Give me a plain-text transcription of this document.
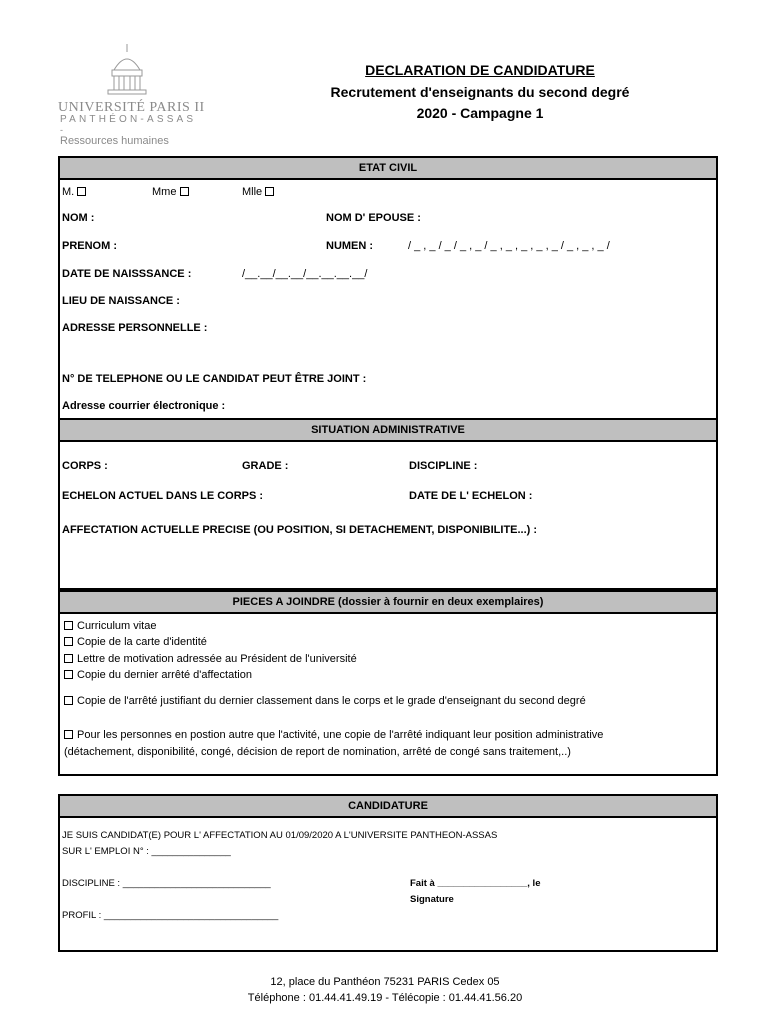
UNIVERSITÉ PARIS II
PANTHÉON-ASSAS
-
Ressources humaines
DECLARATION DE CANDIDATURE
Recrutement d'enseignants du second degré
2020 - Campagne 1
ETAT CIVIL
M.	Mme	Mlle
NOM :	NOM D' EPOUSE :
PRENOM :	NUMEN :	/ _ , _ / _ / _ , _ / _ , _ , _ , _ , _ / _ , _ , _ /
DATE DE NAISSSANCE :	/__.__/__.__/__.__.__.__/
LIEU DE NAISSANCE :
ADRESSE PERSONNELLE :
N° DE TELEPHONE OU LE CANDIDAT PEUT ÊTRE JOINT :
Adresse courrier électronique :
SITUATION ADMINISTRATIVE
CORPS :	GRADE :	DISCIPLINE :
ECHELON ACTUEL DANS LE CORPS :	DATE DE L' ECHELON :
AFFECTATION ACTUELLE PRECISE (OU POSITION, SI DETACHEMENT, DISPONIBILITE...) :
PIECES A JOINDRE (dossier à fournir en deux exemplaires)
Curriculum vitae
Copie de la carte d'identité
Lettre de motivation adressée au Président de l'université
Copie du dernier arrêté d'affectation
Copie de l'arrêté justifiant du dernier classement dans le corps et le grade d'enseignant du second degré
Pour les personnes en postion autre que l'activité, une copie de l'arrêté indiquant leur position administrative
(détachement, disponibilité, congé, décision de report de nomination, arrêté de congé sans traitement,..)
CANDIDATURE
JE SUIS CANDIDAT(E) POUR L' AFFECTATION AU 01/09/2020 A L'UNIVERSITE PANTHEON-ASSAS
SUR L' EMPLOI N° : _______________
DISCIPLINE : ____________________________	Fait à _________________, le
Signature
PROFIL : _________________________________
12, place du Panthéon 75231 PARIS Cedex 05
Téléphone : 01.44.41.49.19 - Télécopie : 01.44.41.56.20
